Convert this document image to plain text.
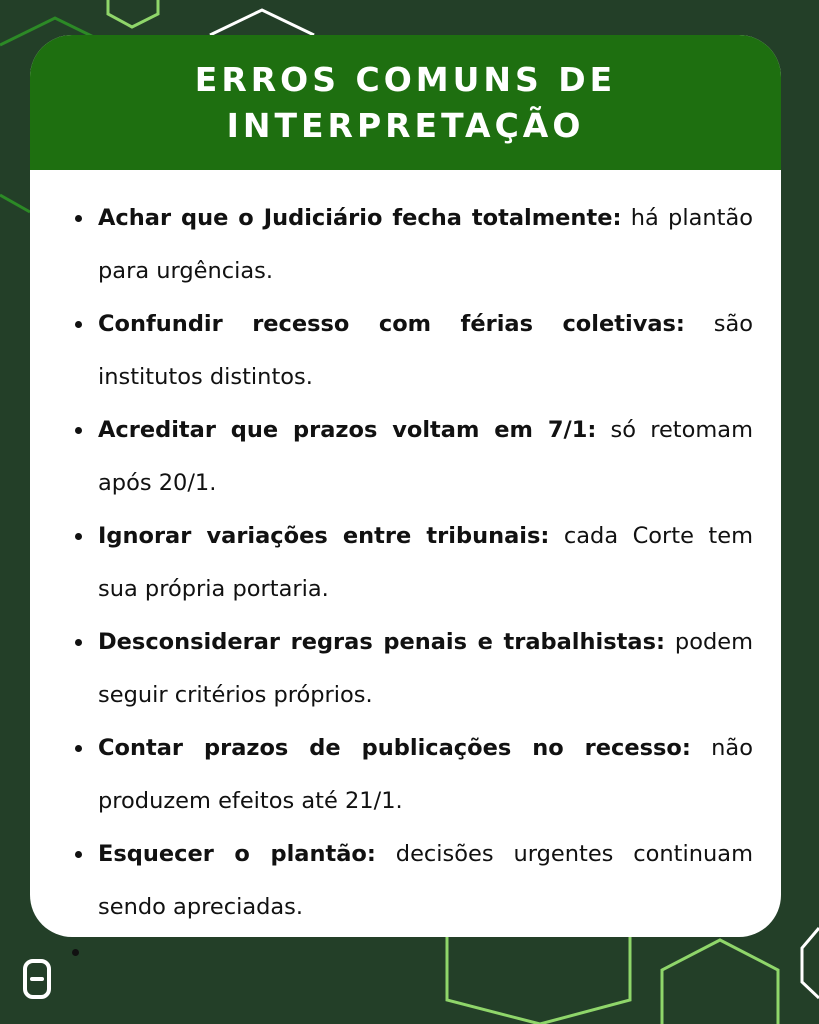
ERROS COMUNS DE INTERPRETAÇÃO
Achar que o Judiciário fecha totalmente: há plantão para urgências.
Confundir recesso com férias coletivas: são institutos distintos.
Acreditar que prazos voltam em 7/1: só retomam após 20/1.
Ignorar variações entre tribunais: cada Corte tem sua própria portaria.
Desconsiderar regras penais e trabalhistas: podem seguir critérios próprios.
Contar prazos de publicações no recesso: não produzem efeitos até 21/1.
Esquecer o plantão: decisões urgentes continuam sendo apreciadas.
